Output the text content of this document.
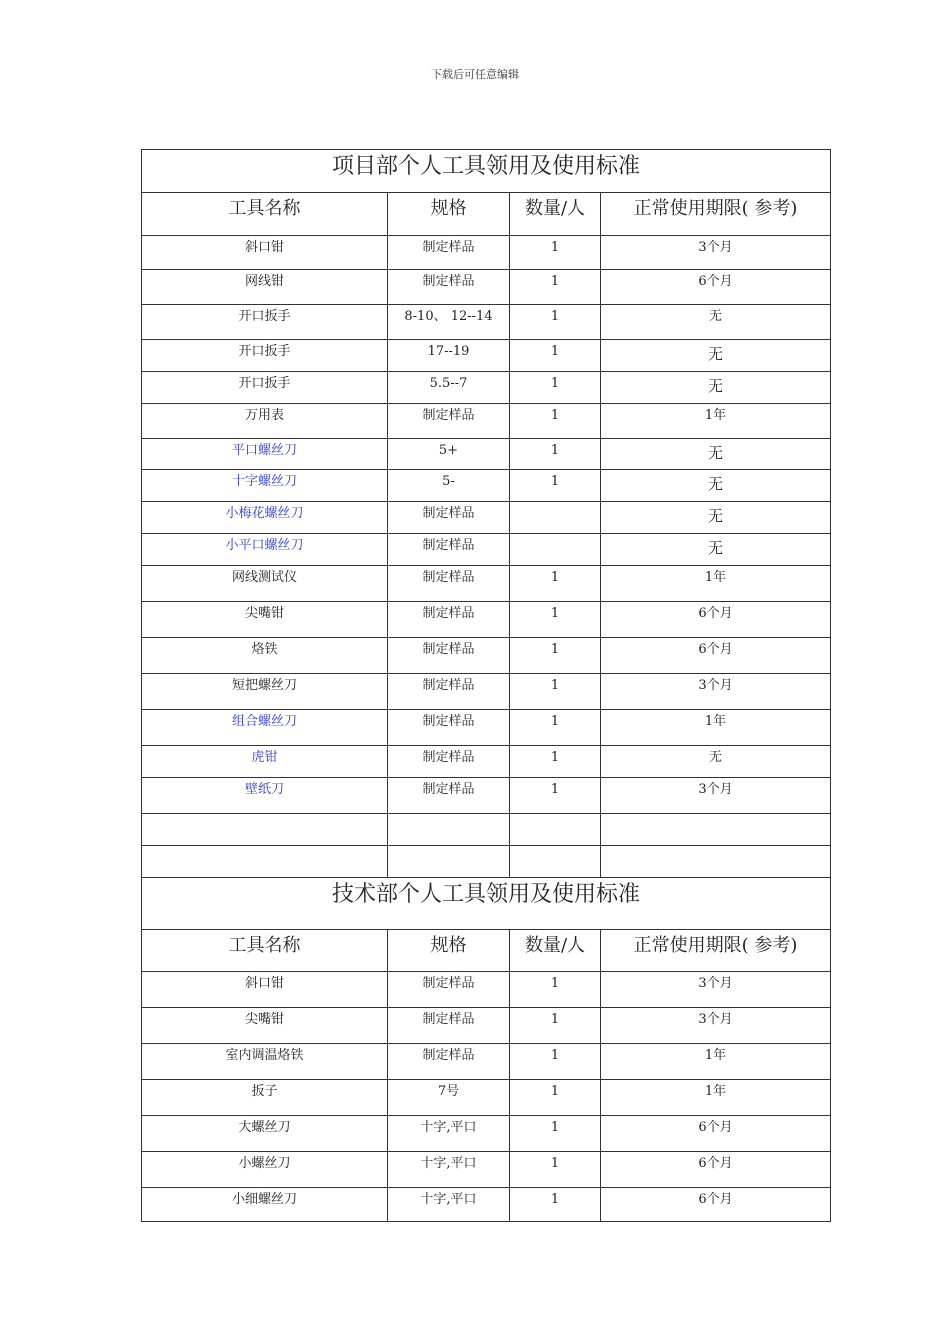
下载后可任意编辑
项目部个人工具领用及使用标准			
工具名称	规格	数量/人	正常使用期限( 参考)
斜口钳	制定样品	1	3个月
网线钳	制定样品	1	6个月
开口扳手	8-10、 12--14	1	无
开口扳手	17--19	1	无
开口扳手	5.5--7	1	无
万用表	制定样品	1	1年
平口螺丝刀	5+	1	无
十字螺丝刀	5-	1	无
小梅花螺丝刀	制定样品		无
小平口螺丝刀	制定样品		无
网线测试仪	制定样品	1	1年
尖嘴钳	制定样品	1	6个月
烙铁	制定样品	1	6个月
短把螺丝刀	制定样品	1	3个月
组合螺丝刀	制定样品	1	1年
虎钳	制定样品	1	无
壁纸刀	制定样品	1	3个月

技术部个人工具领用及使用标准			
工具名称	规格	数量/人	正常使用期限( 参考)
斜口钳	制定样品	1	3个月
尖嘴钳	制定样品	1	3个月
室内调温烙铁	制定样品	1	1年
扳子	7号	1	1年
大螺丝刀	十字,平口	1	6个月
小螺丝刀	十字,平口	1	6个月
小细螺丝刀	十字,平口	1	6个月
